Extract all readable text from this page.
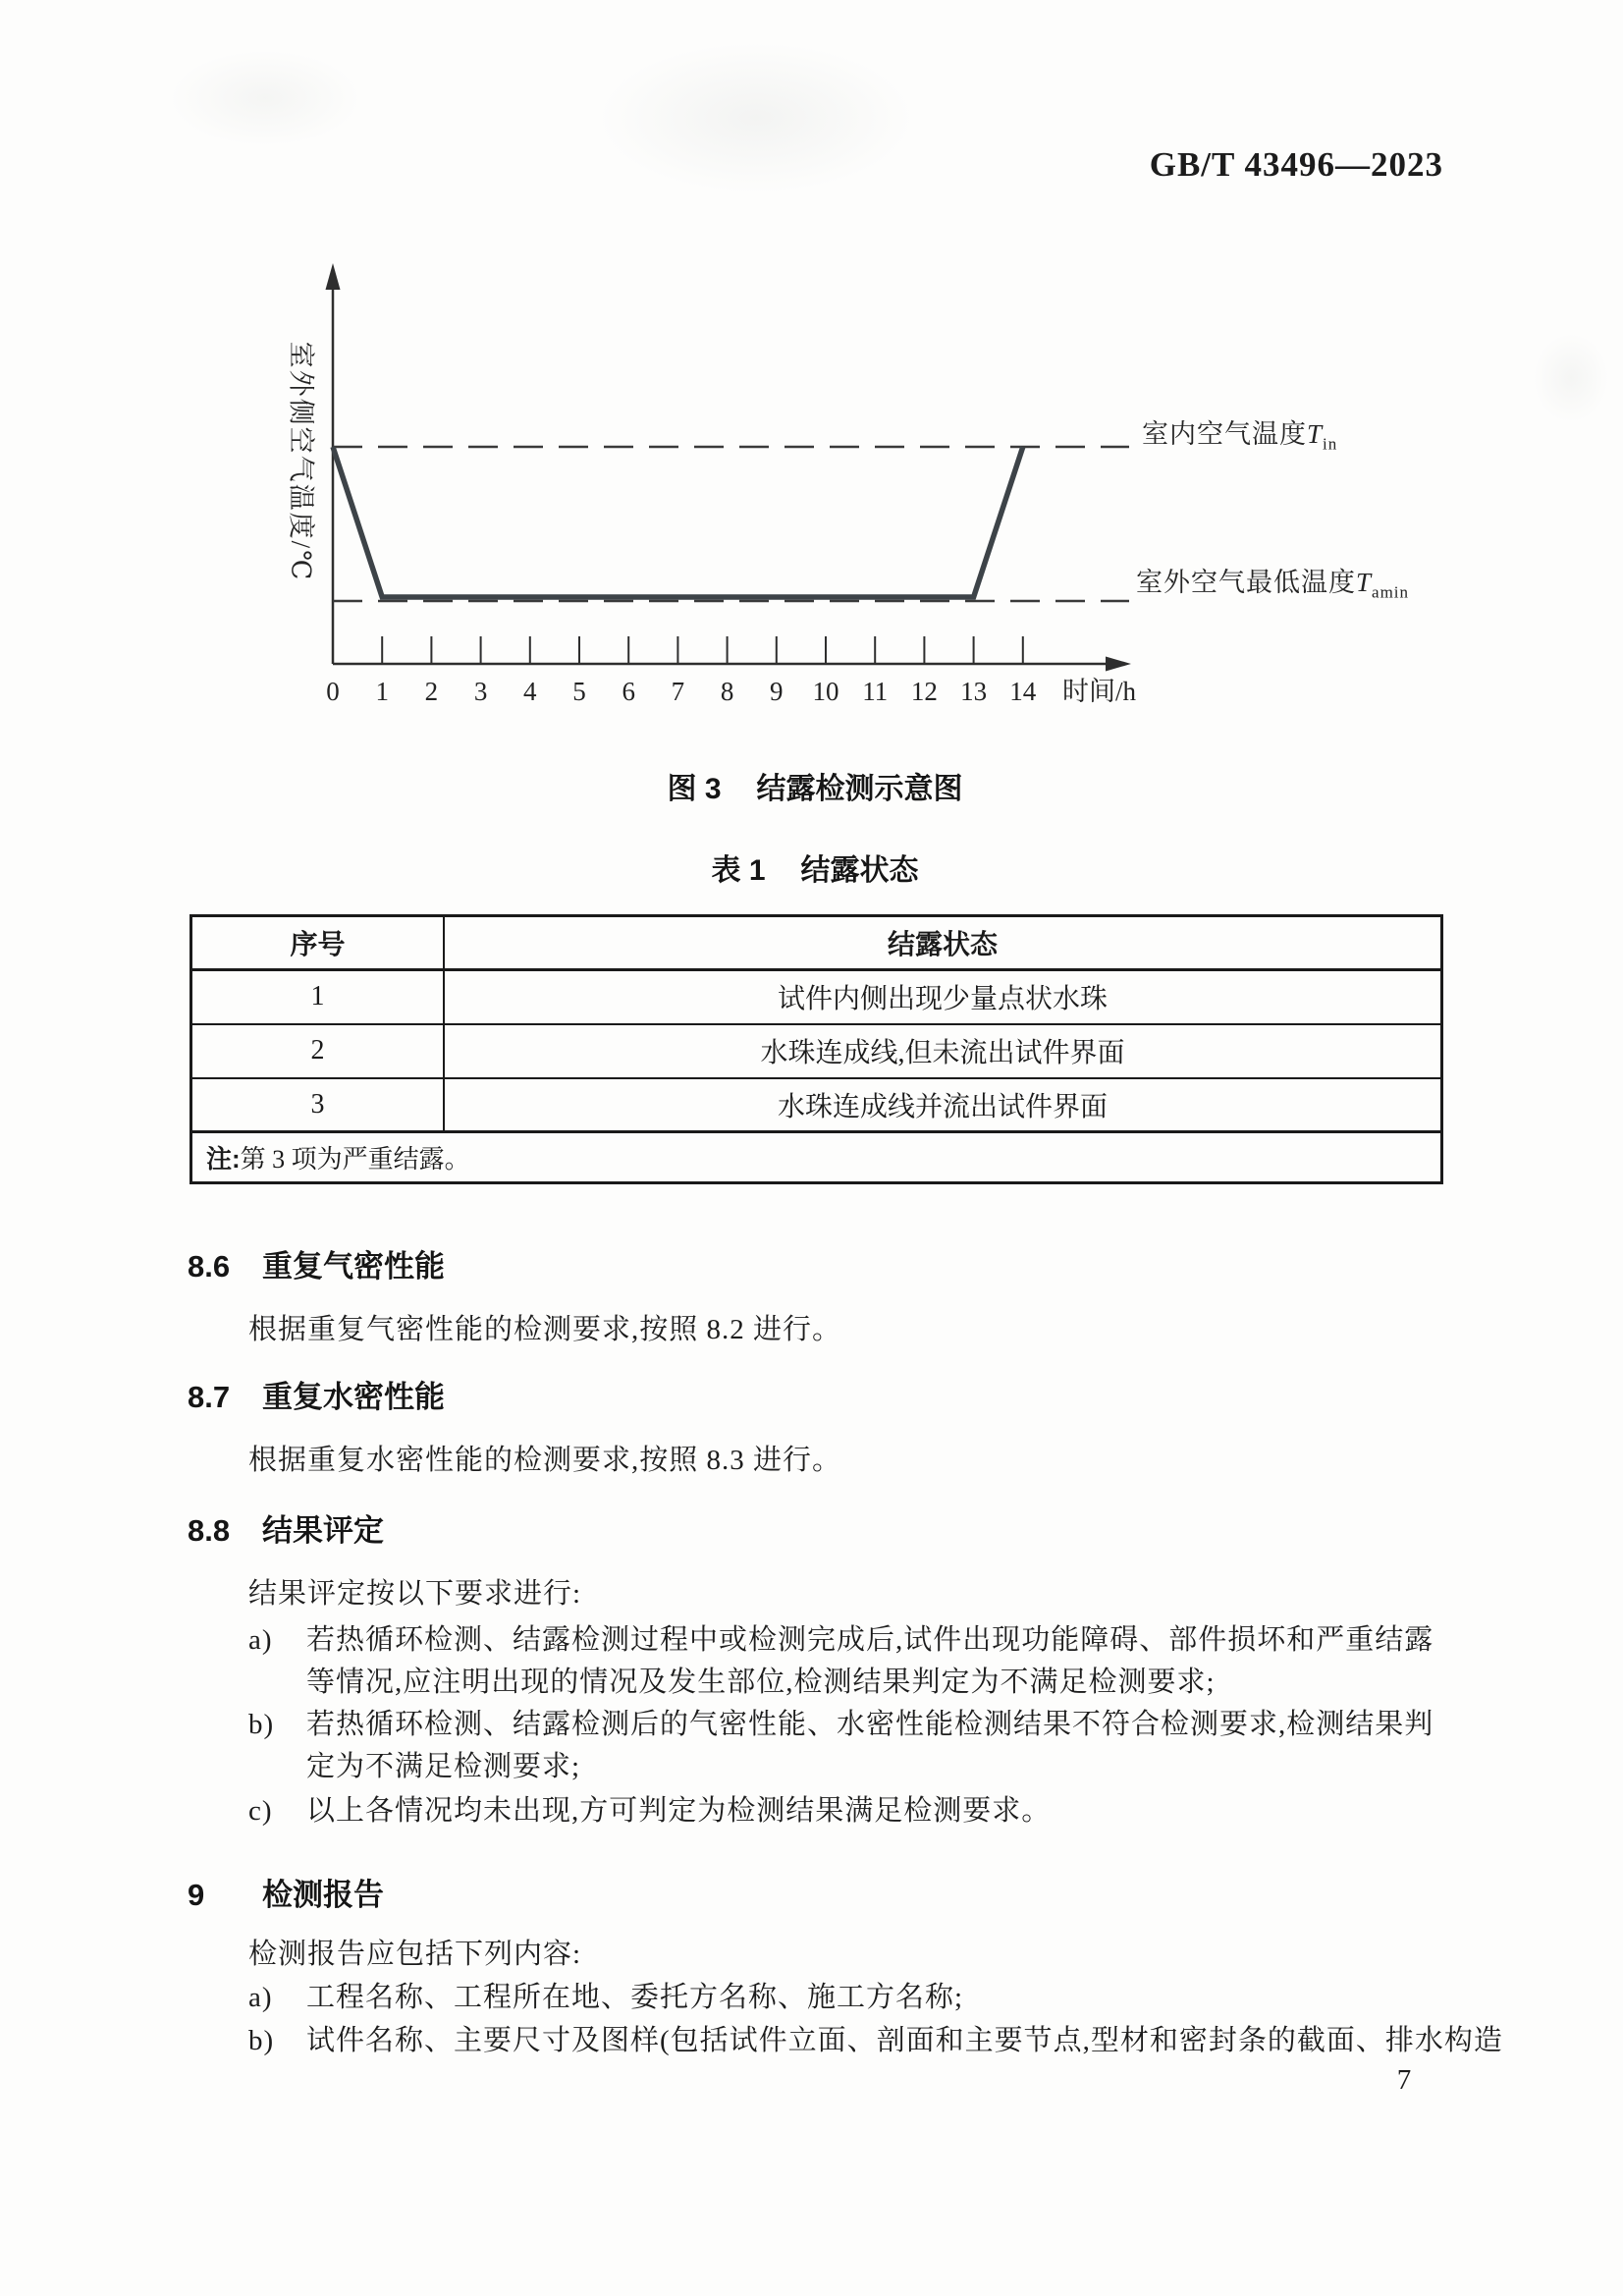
GB/T 43496—2023
0 1 2 3 4 5 6 7 8 9 10 11 12 13 14 时间/h
室外侧空气温度/℃	室内空气温度$T_{in}$
室外空气最低温度$T_{amin}$
图 3 结露检测示意图
表 1 结露状态
序号	结露状态
1	试件内侧出现少量点状水珠
2	水珠连成线,但未流出试件界面
3	水珠连成线并流出试件界面
注:第 3 项为严重结露。	
8.6 重复气密性能
根据重复气密性能的检测要求,按照 8.2 进行。
8.7 重复水密性能
根据重复水密性能的检测要求,按照 8.3 进行。
8.8 结果评定
结果评定按以下要求进行:
a)	若热循环检测、结露检测过程中或检测完成后,试件出现功能障碍、部件损坏和严重结露等情况,应注明出现的情况及发生部位,检测结果判定为不满足检测要求;
b)	若热循环检测、结露检测后的气密性能、水密性能检测结果不符合检测要求,检测结果判定为不满足检测要求;
c)	以上各情况均未出现,方可判定为检测结果满足检测要求。
9 检测报告
检测报告应包括下列内容:
a)	工程名称、工程所在地、委托方名称、施工方名称;
b)	试件名称、主要尺寸及图样(包括试件立面、剖面和主要节点,型材和密封条的截面、排水构造
7
